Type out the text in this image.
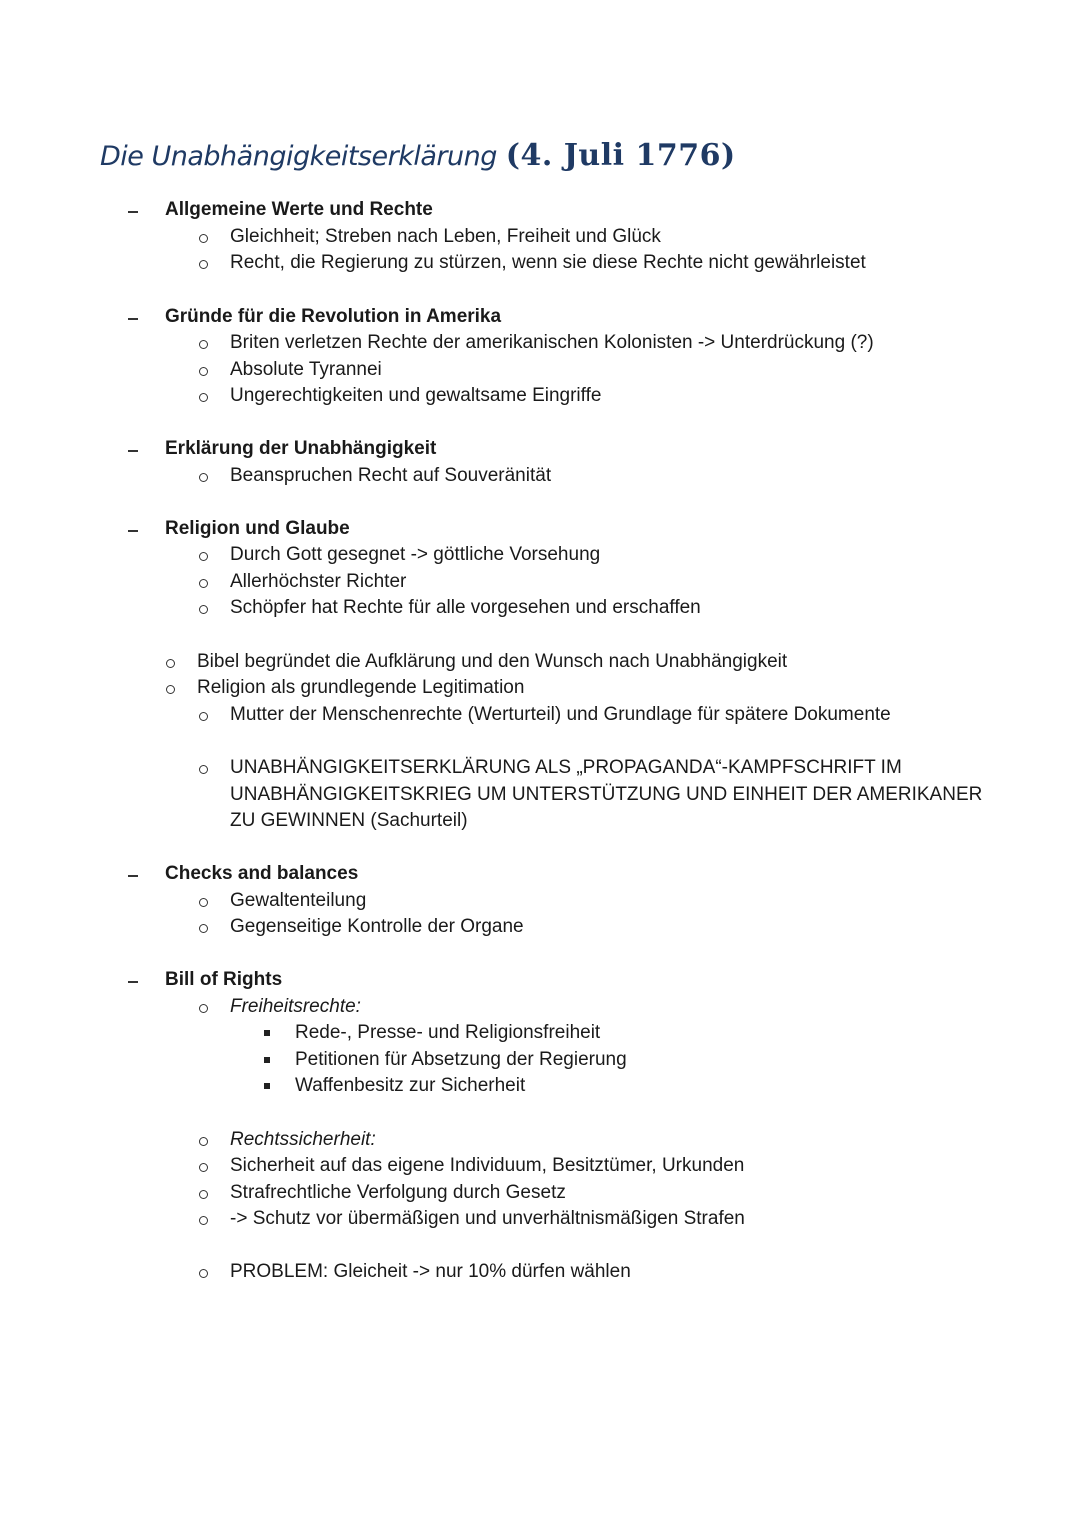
Die Unabhängigkeitserklärung (4. Juli 1776)
Allgemeine Werte und Rechte
Gleichheit; Streben nach Leben, Freiheit und Glück
Recht, die Regierung zu stürzen, wenn sie diese Rechte nicht gewährleistet
Gründe für die Revolution in Amerika
Briten verletzen Rechte der amerikanischen Kolonisten -> Unterdrückung (?)
Absolute Tyrannei
Ungerechtigkeiten und gewaltsame Eingriffe
Erklärung der Unabhängigkeit
Beanspruchen Recht auf Souveränität
Religion und Glaube
Durch Gott gesegnet -> göttliche Vorsehung
Allerhöchster Richter
Schöpfer hat Rechte für alle vorgesehen und erschaffen
Bibel begründet die Aufklärung und den Wunsch nach Unabhängigkeit
Religion als grundlegende Legitimation
Mutter der Menschenrechte (Werturteil) und Grundlage für spätere Dokumente
UNABHÄNGIGKEITSERKLÄRUNG ALS „PROPAGANDA“-KAMPFSCHRIFT IM UNABHÄNGIGKEITSKRIEG UM UNTERSTÜTZUNG UND EINHEIT DER AMERIKANER ZU GEWINNEN (Sachurteil)
Checks and balances
Gewaltenteilung
Gegenseitige Kontrolle der Organe
Bill of Rights
Freiheitsrechte:
Rede-, Presse- und Religionsfreiheit
Petitionen für Absetzung der Regierung
Waffenbesitz zur Sicherheit
Rechtssicherheit:
Sicherheit auf das eigene Individuum, Besitztümer, Urkunden
Strafrechtliche Verfolgung durch Gesetz
-> Schutz vor übermäßigen und unverhältnismäßigen Strafen
PROBLEM: Gleicheit -> nur 10% dürfen wählen
